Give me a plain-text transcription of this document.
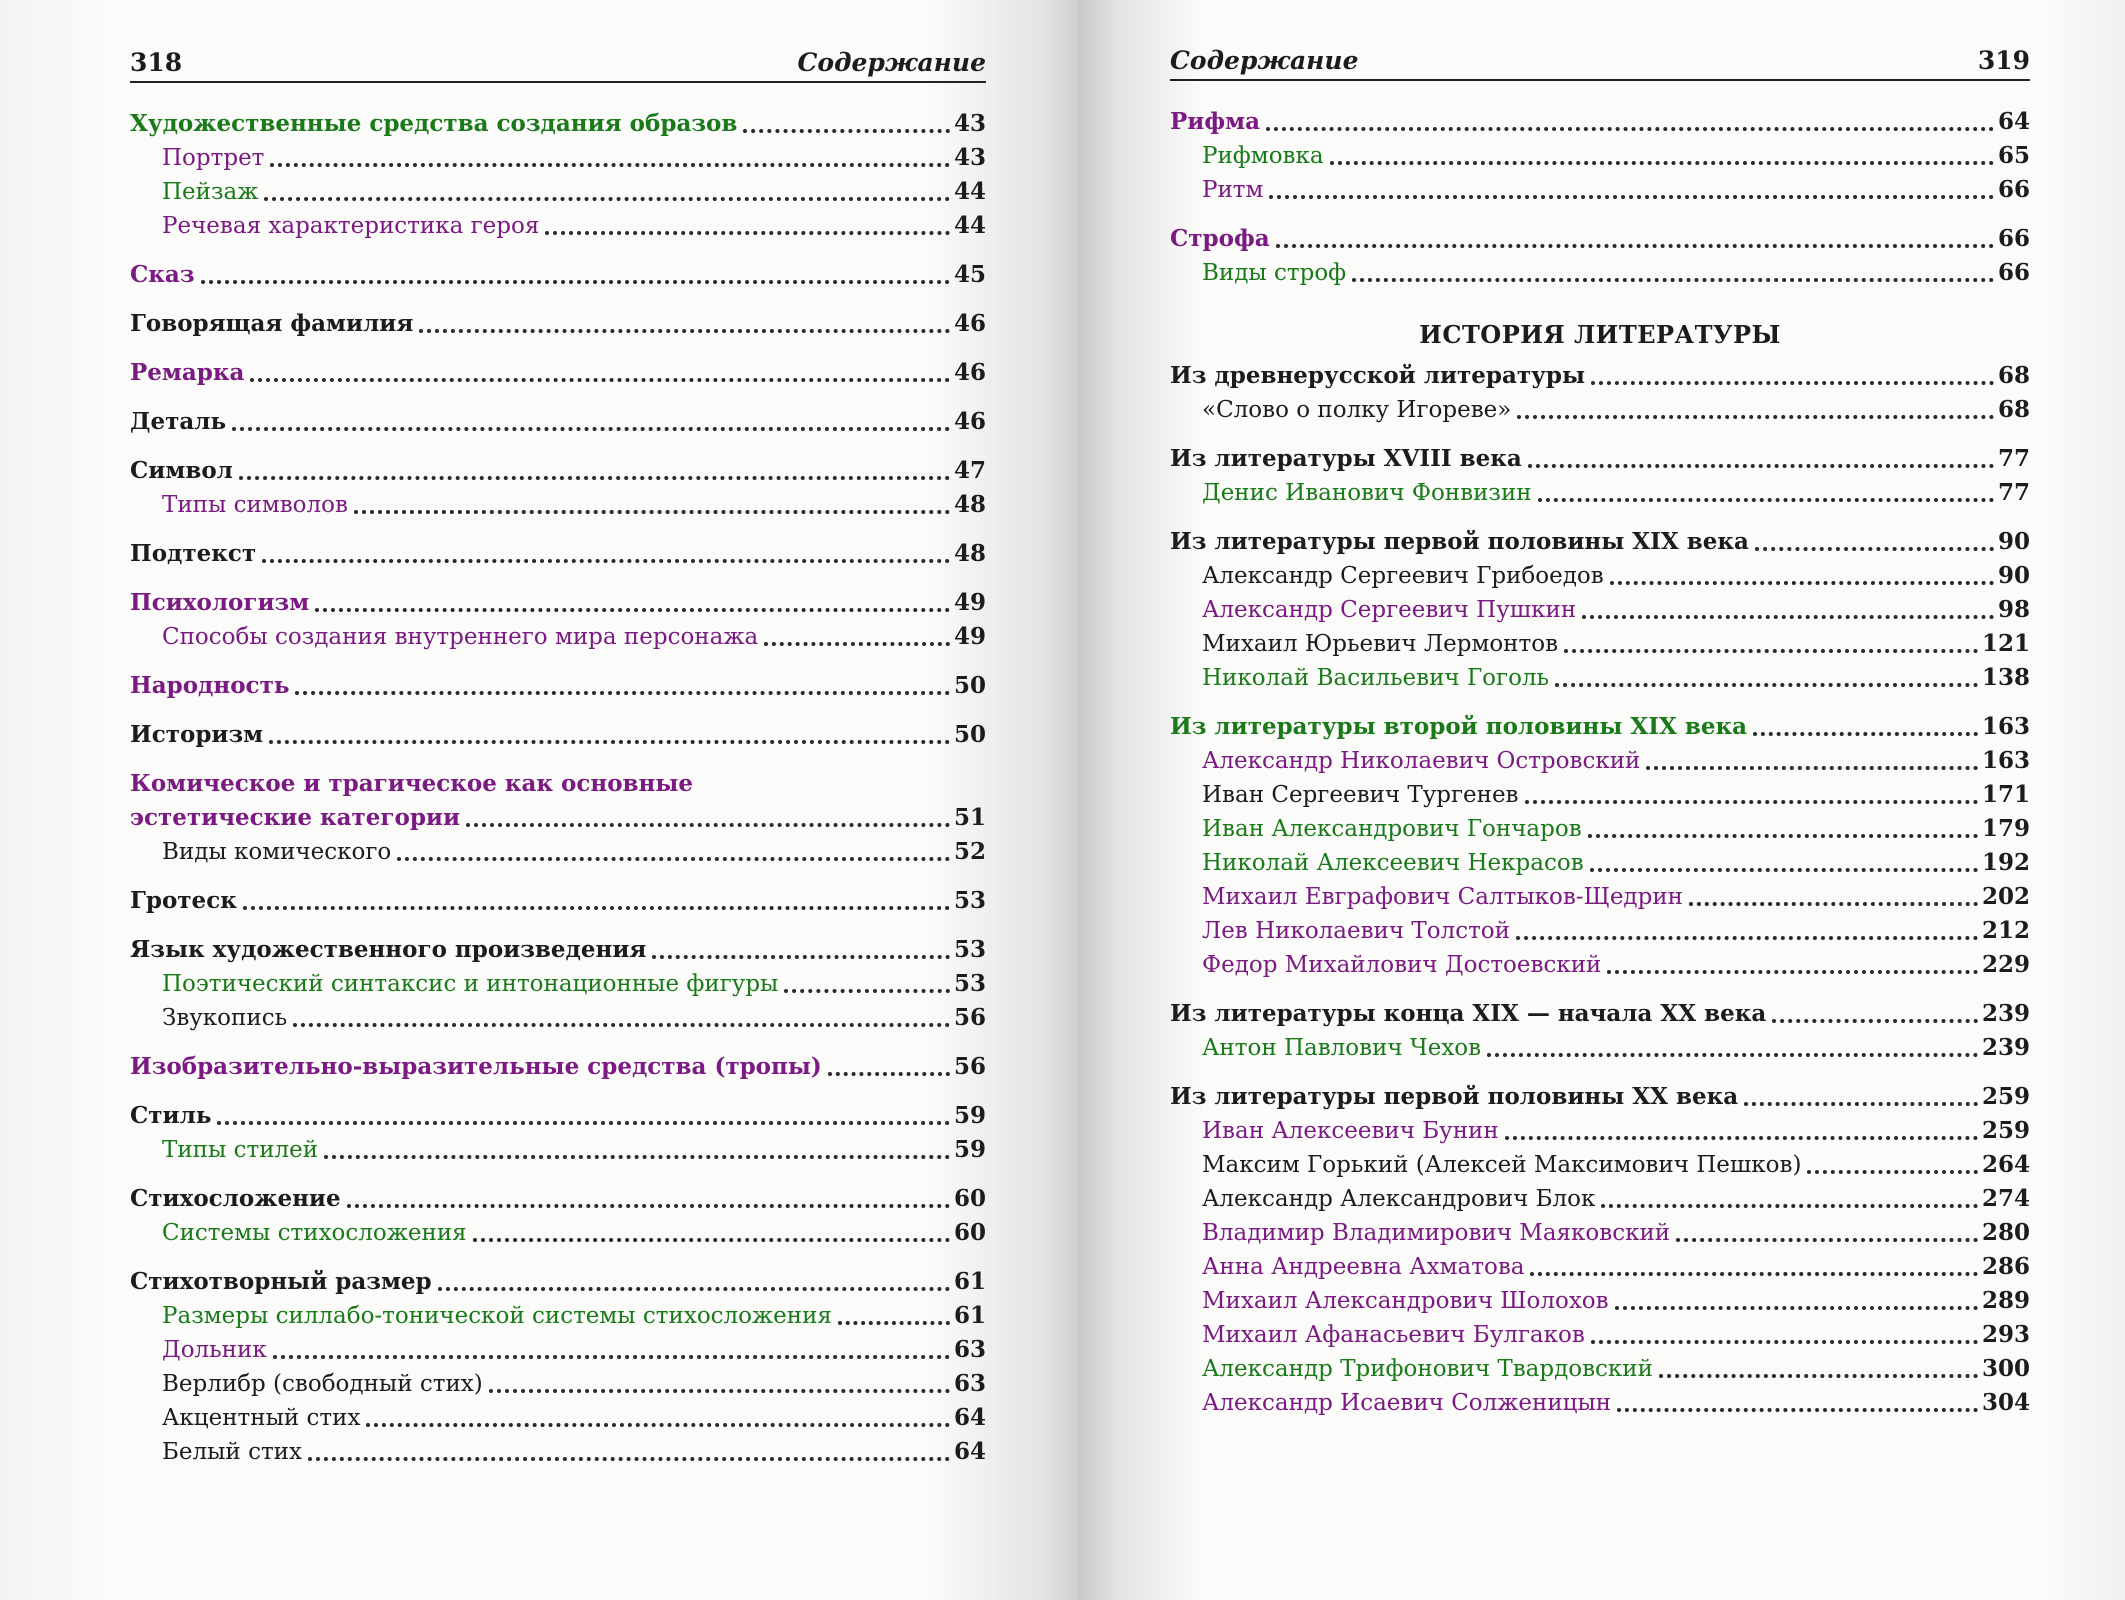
318	Содержание
Художественные средства создания образов	43
Портрет	43
Пейзаж	44
Речевая характеристика героя	44
Сказ	45
Говорящая фамилия	46
Ремарка	46
Деталь	46
Символ	47
Типы символов	48
Подтекст	48
Психологизм	49
Способы создания внутреннего мира персонажа	49
Народность	50
Историзм	50
Комическое и трагическое как основные
эстетические категории	51
Виды комического	52
Гротеск	53
Язык художественного произведения	53
Поэтический синтаксис и интонационные фигуры	53
Звукопись	56
Изобразительно-выразительные средства (тропы)	56
Стиль	59
Типы стилей	59
Стихосложение	60
Системы стихосложения	60
Стихотворный размер	61
Размеры силлабо-тонической системы стихосложения	61
Дольник	63
Верлибр (свободный стих)	63
Акцентный стих	64
Белый стих	64
Содержание	319
Рифма	64
Рифмовка	65
Ритм	66
Строфа	66
Виды строф	66
ИСТОРИЯ ЛИТЕРАТУРЫ
Из древнерусской литературы	68
«Слово о полку Игореве»	68
Из литературы XVIII века	77
Денис Иванович Фонвизин	77
Из литературы первой половины XIX века	90
Александр Сергеевич Грибоедов	90
Александр Сергеевич Пушкин	98
Михаил Юрьевич Лермонтов	121
Николай Васильевич Гоголь	138
Из литературы второй половины XIX века	163
Александр Николаевич Островский	163
Иван Сергеевич Тургенев	171
Иван Александрович Гончаров	179
Николай Алексеевич Некрасов	192
Михаил Евграфович Салтыков-Щедрин	202
Лев Николаевич Толстой	212
Федор Михайлович Достоевский	229
Из литературы конца XIX — начала XX века	239
Антон Павлович Чехов	239
Из литературы первой половины XX века	259
Иван Алексеевич Бунин	259
Максим Горький (Алексей Максимович Пешков)	264
Александр Александрович Блок	274
Владимир Владимирович Маяковский	280
Анна Андреевна Ахматова	286
Михаил Александрович Шолохов	289
Михаил Афанасьевич Булгаков	293
Александр Трифонович Твардовский	300
Александр Исаевич Солженицын	304
